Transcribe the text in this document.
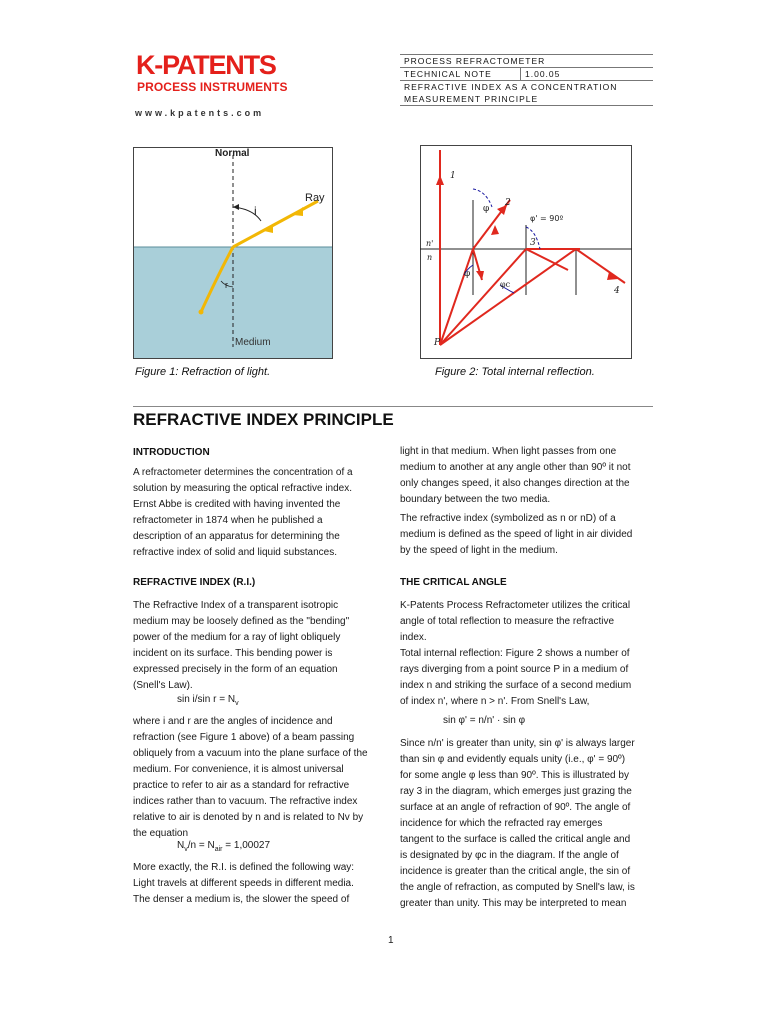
K-PATENTS
PROCESS INSTRUMENTS
www.kpatents.com
PROCESS REFRACTOMETER
TECHNICAL NOTE	1.00.05
REFRACTIVE INDEX AS A CONCENTRATION
MEASUREMENT PRINCIPLE
Normal
Ray
i
r
Medium
Figure 1: Refraction of light.
1
2
3
4
φ
φ' = 90º
n'
n
φ
φc
P
Figure 2: Total internal reflection.
REFRACTIVE INDEX PRINCIPLE
INTRODUCTION
A refractometer determines the concentration of a
solution by measuring the optical refractive index.
Ernst Abbe is credited with having invented the
refractometer in 1874 when he published a
description of an apparatus for determining the
refractive index of solid and liquid substances.
REFRACTIVE INDEX (R.I.)
The Refractive Index of a transparent isotropic
medium may be loosely defined as the "bending"
power of the medium for a ray of light obliquely
incident on its surface. This bending power is
expressed precisely in the form of an equation
(Snell's Law).
sin i/sin $r = N_v$
where i and r are the angles of incidence and
refraction (see Figure 1 above) of a beam passing
obliquely from a vacuum into the plane surface of the
medium. For convenience, it is almost universal
practice to refer to air as a standard for refractive
indices rather than to vacuum. The refractive index
relative to air is denoted by n and is related to Nv by
the equation
$N_v/n = N_{air} = 1,00027$
More exactly, the R.I. is defined the following way:
Light travels at different speeds in different media.
The denser a medium is, the slower the speed of
light in that medium. When light passes from one
medium to another at any angle other than 90º it not
only changes speed, it also changes direction at the
boundary between the two media.
The refractive index (symbolized as n or nD) of a
medium is defined as the speed of light in air divided
by the speed of light in the medium.
THE CRITICAL ANGLE
K-Patents Process Refractometer utilizes the critical
angle of total reflection to measure the refractive
index.
Total internal reflection: Figure 2 shows a number of
rays diverging from a point source P in a medium of
index n and striking the surface of a second medium
of index n', where n > n'. From Snell's Law,
sin φ' = n/n' · sin φ
Since n/n' is greater than unity, sin φ' is always larger
than sin φ and evidently equals unity (i.e., φ' = 90º)
for some angle φ less than 90º. This is illustrated by
ray 3 in the diagram, which emerges just grazing the
surface at an angle of refraction of 90º. The angle of
incidence for which the refracted ray emerges
tangent to the surface is called the critical angle and
is designated by φc in the diagram. If the angle of
incidence is greater than the critical angle, the sin of
the angle of refraction, as computed by Snell's law, is
greater than unity. This may be interpreted to mean
1
